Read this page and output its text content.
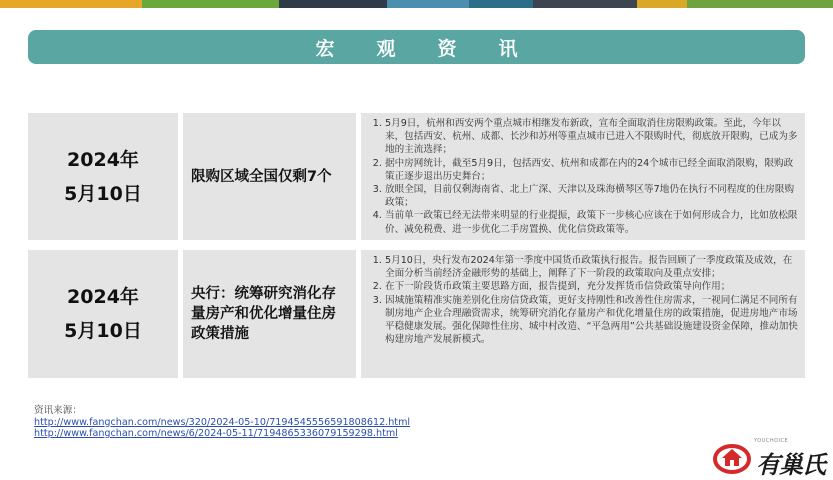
宏观资讯
2024年
5月10日
限购区域全国仅剩7个
1. 5月9日，杭州和西安两个重点城市相继发布新政，宣布全面取消住房限购政策。至此，今年以来，包括西安、杭州、成都、长沙和苏州等重点城市已进入不限购时代，彻底放开限购，已成为多地的主流选择；
2. 据中房网统计，截至5月9日，包括西安、杭州和成都在内的24个城市已经全面取消限购，限购政策正逐步退出历史舞台；
3. 放眼全国，目前仅剩海南省、北上广深、天津以及珠海横琴区等7地仍在执行不同程度的住房限购政策；
4. 当前单一政策已经无法带来明显的行业提振，政策下一步核心应该在于如何形成合力，比如放松限价、减免税费、进一步优化二手房置换、优化信贷政策等。
2024年
5月10日
央行：统筹研究消化存量房产和优化增量住房政策措施
1. 5月10日，央行发布2024年第一季度中国货币政策执行报告。报告回顾了一季度政策及成效，在全面分析当前经济金融形势的基础上，阐释了下一阶段的政策取向及重点安排；
2. 在下一阶段货币政策主要思路方面，报告提到，充分发挥货币信贷政策导向作用；
3. 因城施策精准实施差别化住房信贷政策，更好支持刚性和改善性住房需求，一视同仁满足不同所有制房地产企业合理融资需求，统筹研究消化存量房产和优化增量住房的政策措施，促进房地产市场平稳健康发展。强化保障性住房、城中村改造、“平急两用”公共基础设施建设资金保障，推动加快构建房地产发展新模式。
资讯来源：
http://www.fangchan.com/news/320/2024-05-10/7194545556591808612.html
http://www.fangchan.com/news/6/2024-05-11/7194865336079159298.html
YOUCHOICE
有巢氏
